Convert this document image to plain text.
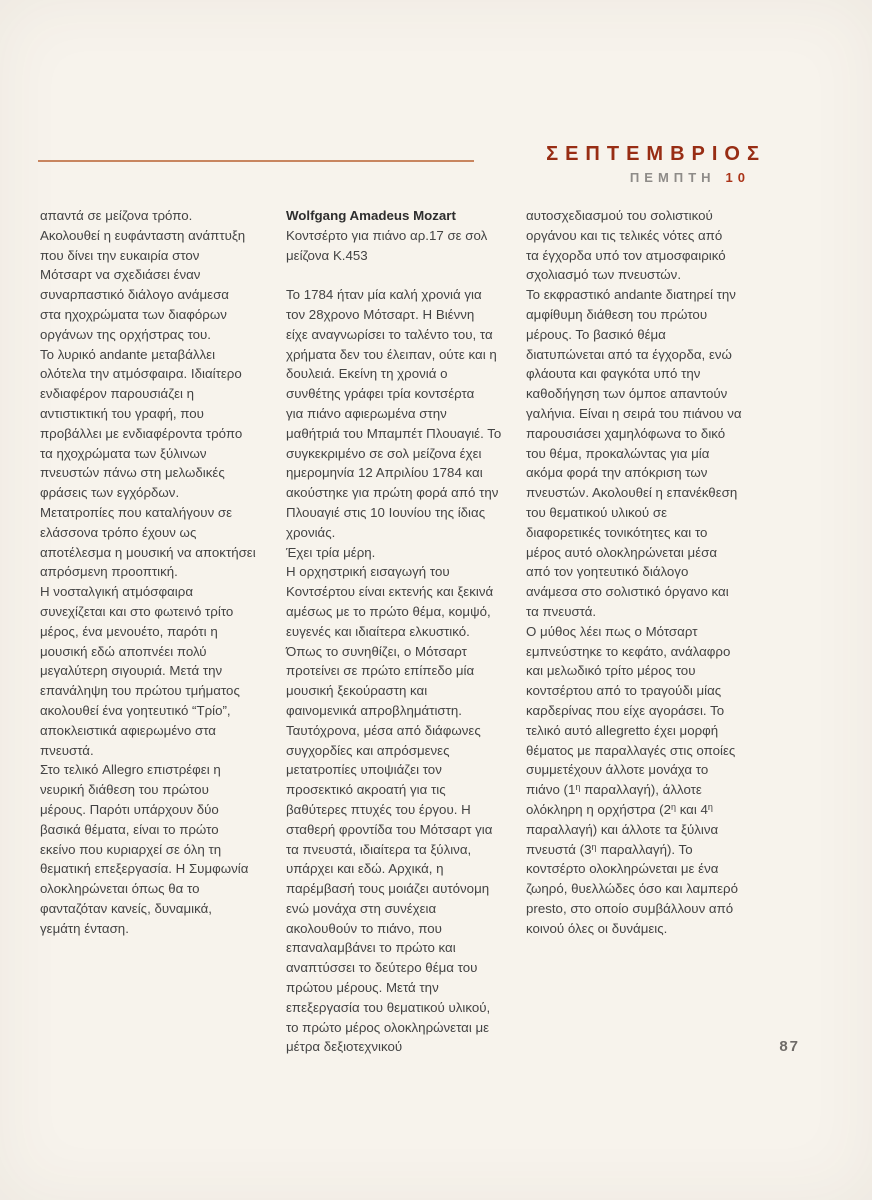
ΣΕΠΤΕΜΒΡΙΟΣ
ΠΕΜΠΤΗ 10
απαντά σε μείζονα τρόπο.
Ακολουθεί η ευφάνταστη ανάπτυξη
που δίνει την ευκαιρία στον
Μότσαρτ να σχεδιάσει έναν
συναρπαστικό διάλογο ανάμεσα
στα ηχοχρώματα των διαφόρων
οργάνων της ορχήστρας του.
Το λυρικό andante μεταβάλλει
ολότελα την ατμόσφαιρα. Ιδιαίτερο
ενδιαφέρον παρουσιάζει η
αντιστικτική του γραφή, που
προβάλλει με ενδιαφέροντα τρόπο
τα ηχοχρώματα των ξύλινων
πνευστών πάνω στη μελωδικές
φράσεις των εγχόρδων.
Μετατροπίες που καταλήγουν σε
ελάσσονα τρόπο έχουν ως
αποτέλεσμα η μουσική να αποκτήσει
απρόσμενη προοπτική.
Η νοσταλγική ατμόσφαιρα
συνεχίζεται και στο φωτεινό τρίτο
μέρος, ένα μενουέτο, παρότι η
μουσική εδώ αποπνέει πολύ
μεγαλύτερη σιγουριά. Μετά την
επανάληψη του πρώτου τμήματος
ακολουθεί ένα γοητευτικό “Τρίο”,
αποκλειστικά αφιερωμένο στα
πνευστά.
Στο τελικό Allegro επιστρέφει η
νευρική διάθεση του πρώτου
μέρους. Παρότι υπάρχουν δύο
βασικά θέματα, είναι το πρώτο
εκείνο που κυριαρχεί σε όλη τη
θεματική επεξεργασία. Η Συμφωνία
ολοκληρώνεται όπως θα το
φανταζόταν κανείς, δυναμικά,
γεμάτη ένταση.
Wolfgang Amadeus Mozart
Κοντσέρτο για πιάνο αρ.17 σε σολ
μείζονα Κ.453
Το 1784 ήταν μία καλή χρονιά για
τον 28χρονο Μότσαρτ. Η Βιέννη
είχε αναγνωρίσει το ταλέντο του, τα
χρήματα δεν του έλειπαν, ούτε και η
δουλειά. Εκείνη τη χρονιά ο
συνθέτης γράφει τρία κοντσέρτα
για πιάνο αφιερωμένα στην
μαθήτριά του Μπαμπέτ Πλουαγιέ. Το
συγκεκριμένο σε σολ μείζονα έχει
ημερομηνία 12 Απριλίου 1784 και
ακούστηκε για πρώτη φορά από την
Πλουαγιέ στις 10 Ιουνίου της ίδιας
χρονιάς.
Έχει τρία μέρη.
Η ορχηστρική εισαγωγή του
Κοντσέρτου είναι εκτενής και ξεκινά
αμέσως με το πρώτο θέμα, κομψό,
ευγενές και ιδιαίτερα ελκυστικό.
Όπως το συνηθίζει, ο Μότσαρτ
προτείνει σε πρώτο επίπεδο μία
μουσική ξεκούραστη και
φαινομενικά απροβλημάτιστη.
Ταυτόχρονα, μέσα από διάφωνες
συγχορδίες και απρόσμενες
μετατροπίες υποψιάζει τον
προσεκτικό ακροατή για τις
βαθύτερες πτυχές του έργου. Η
σταθερή φροντίδα του Μότσαρτ για
τα πνευστά, ιδιαίτερα τα ξύλινα,
υπάρχει και εδώ. Αρχικά, η
παρέμβασή τους μοιάζει αυτόνομη
ενώ μονάχα στη συνέχεια
ακολουθούν το πιάνο, που
επαναλαμβάνει το πρώτο και
αναπτύσσει το δεύτερο θέμα του
πρώτου μέρους. Μετά την
επεξεργασία του θεματικού υλικού,
το πρώτο μέρος ολοκληρώνεται με
μέτρα δεξιοτεχνικού
αυτοσχεδιασμού του σολιστικού
οργάνου και τις τελικές νότες από
τα έγχορδα υπό τον ατμοσφαιρικό
σχολιασμό των πνευστών.
Το εκφραστικό andante διατηρεί την
αμφίθυμη διάθεση του πρώτου
μέρους. Το βασικό θέμα
διατυπώνεται από τα έγχορδα, ενώ
φλάουτα και φαγκότα υπό την
καθοδήγηση των όμποε απαντούν
γαλήνια. Είναι η σειρά του πιάνου να
παρουσιάσει χαμηλόφωνα το δικό
του θέμα, προκαλώντας για μία
ακόμα φορά την απόκριση των
πνευστών. Ακολουθεί η επανέκθεση
του θεματικού υλικού σε
διαφορετικές τονικότητες και το
μέρος αυτό ολοκληρώνεται μέσα
από τον γοητευτικό διάλογο
ανάμεσα στο σολιστικό όργανο και
τα πνευστά.
Ο μύθος λέει πως ο Μότσαρτ
εμπνεύστηκε το κεφάτο, ανάλαφρο
και μελωδικό τρίτο μέρος του
κοντσέρτου από το τραγούδι μίας
καρδερίνας που είχε αγοράσει. Το
τελικό αυτό allegretto έχει μορφή
θέματος με παραλλαγές στις οποίες
συμμετέχουν άλλοτε μονάχα το
πιάνο ($1^\eta$ παραλλαγή), άλλοτε
ολόκληρη η ορχήστρα ($2^\eta$ και $4^\eta$
παραλλαγή) και άλλοτε τα ξύλινα
πνευστά ($3^\eta$ παραλλαγή). Το
κοντσέρτο ολοκληρώνεται με ένα
ζωηρό, θυελλώδες όσο και λαμπερό
presto, στο οποίο συμβάλλουν από
κοινού όλες οι δυνάμεις.
87
